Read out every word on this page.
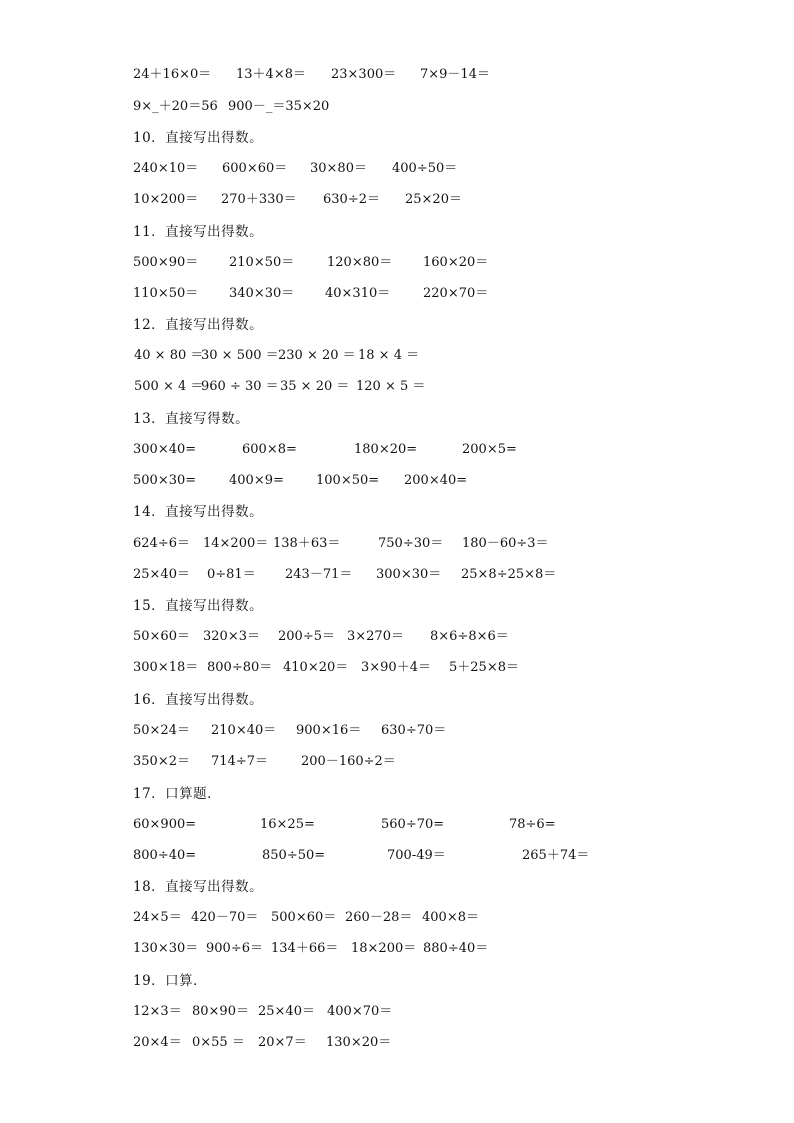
24＋16×0＝ 13＋4×8＝ 23×300＝ 7×9－14＝
9×_＋20＝56 900－_＝35×20
10．直接写出得数。
240×10＝ 600×60＝ 30×80＝ 400÷50＝
10×200＝ 270＋330＝ 630÷2＝ 25×20＝
11．直接写出得数。
500×90＝ 210×50＝	120×80＝ 160×20＝
110×50＝ 340×30＝ 40×310＝	220×70＝
12．直接写出得数。
40 × 80 ＝
30 × 500 ＝ 230 × 20 ＝ 18 × 4 ＝
500 × 4 ＝
960 ÷ 30 ＝ 35 × 20 ＝ 120 × 5 ＝
13．直接写得数。
300×40=	600×8=	180×20=	200×5=
500×30=	400×9= 100×50= 200×40=
14．直接写出得数。
624÷6＝ 14×200＝ 138＋63＝	750÷30＝ 180－60÷3＝
25×40＝ 0÷81＝ 243－71＝ 300×30＝ 25×8÷25×8＝
15．直接写出得数。
50×60＝ 320×3＝ 200÷5＝ 3×270＝ 8×6÷8×6＝
300×18＝ 800÷80＝ 410×20＝ 3×90＋4＝ 5＋25×8＝
16．直接写出得数。
50×24＝ 210×40＝ 900×16＝ 630÷70＝
350×2＝ 714÷7＝	200－160÷2＝
17．口算题．
60×900=	16×25=	560÷70=	78÷6=
800÷40=	850÷50=	700-49＝	265＋74＝
18．直接写出得数。
24×5＝ 420－70＝ 500×60＝ 260－28＝ 400×8＝
130×30＝ 900÷6＝ 134＋66＝ 18×200＝ 880÷40＝
19．口算．
12×3＝ 80×90＝ 25×40＝ 400×70＝
20×4＝ 0×55 ＝ 20×7＝ 130×20＝
